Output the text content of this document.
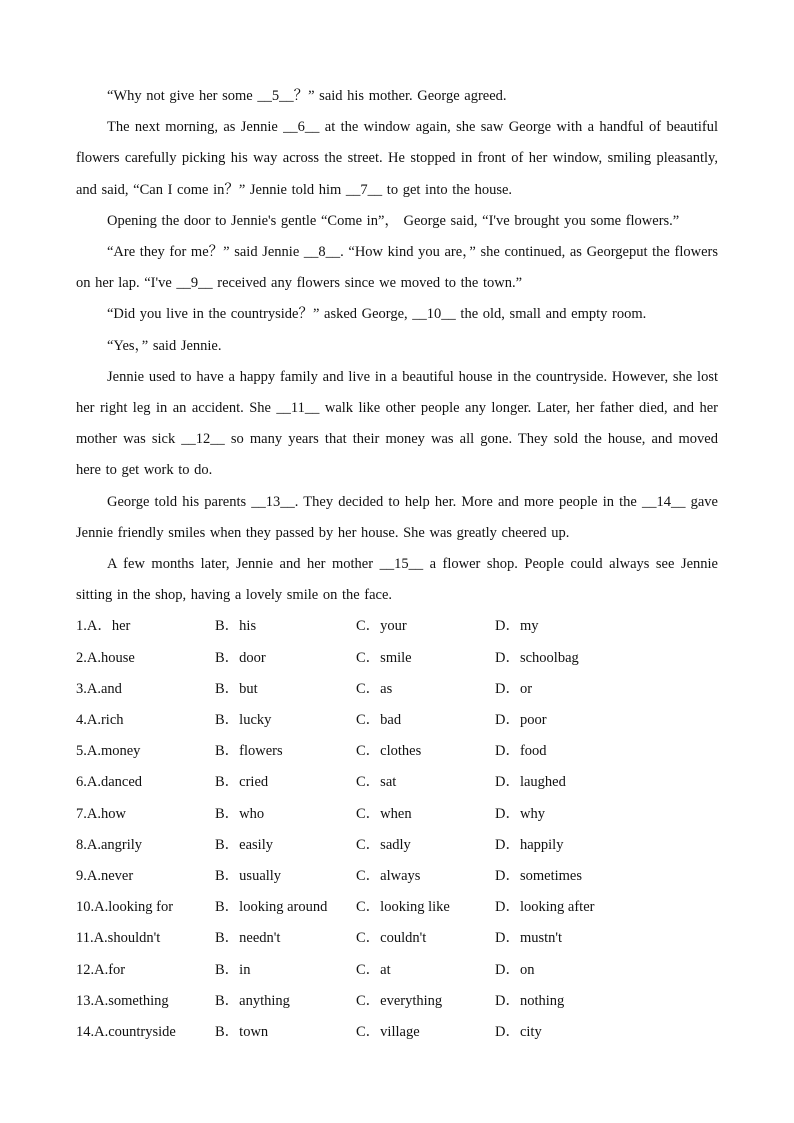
“Why not give her some __5__？” said his mother. George agreed.

The next morning, as Jennie __6__ at the window again, she saw George with a handful of beautiful flowers carefully picking his way across the street. He stopped in front of her window, smiling pleasantly, and said, “Can I come in？” Jennie told him __7__ to get into the house.

Opening the door to Jennie's gentle “Come in”， George said, “I've brought you some flowers.”

“Are they for me？” said Jennie __8__. “How kind you are，” she continued, as Georgeput the flowers on her lap. “I've __9__ received any flowers since we moved to the town.”

“Did you live in the countryside？” asked George, __10__ the old, small and empty room.

“Yes，” said Jennie.

Jennie used to have a happy family and live in a beautiful house in the countryside. However, she lost her right leg in an accident. She __11__ walk like other people any longer. Later, her father died, and her mother was sick __12__ so many years that their money was all gone. They sold the house, and moved here to get work to do.

George told his parents __13__. They decided to help her. More and more people in the __14__ gave Jennie friendly smiles when they passed by her house. She was greatly cheered up.

A few months later, Jennie and her mother __15__ a flower shop. People could always see Jennie sitting in the shop, having a lovely smile on the face.

1.A．her	B．his	C．your	D．my
2.A.house	B．door	C．smile	D．schoolbag
3.A.and	B．but	C．as	D．or
4.A.rich	B．lucky	C．bad	D．poor
5.A.money	B．flowers	C．clothes	D．food
6.A.danced	B．cried	C．sat	D．laughed
7.A.how	B．who	C．when	D．why
8.A.angrily	B．easily	C．sadly	D．happily
9.A.never	B．usually	C．always	D．sometimes
10.A.looking for	B．looking around C．looking like	D．looking after
11.A.shouldn't	B．needn't	C．couldn't	D．mustn't
12.A.for	B．in	C．at	D．on
13.A.something	B．anything	C．everything	D．nothing
14.A.countryside	B．town	C．village	D．city
